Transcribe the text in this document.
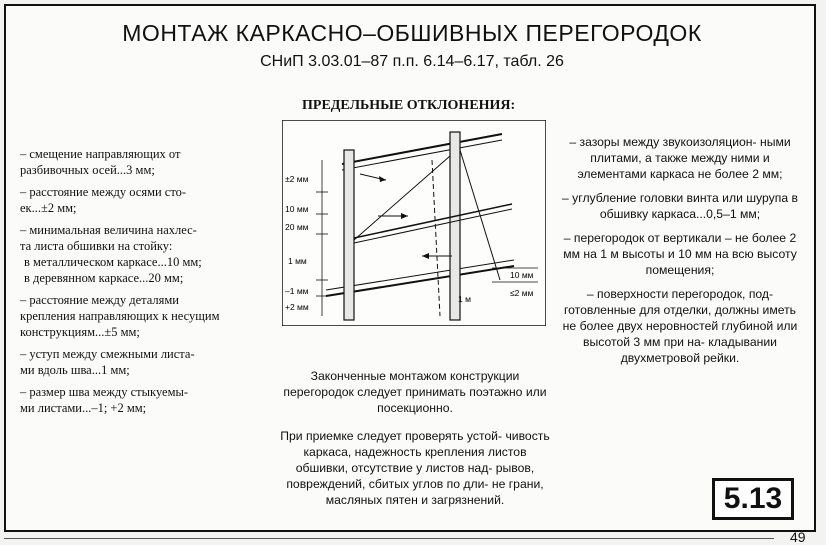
МОНТАЖ КАРКАСНО–ОБШИВНЫХ ПЕРЕГОРОДОК
СНиП 3.03.01–87 п.п. 6.14–6.17, табл. 26
ПРЕДЕЛЬНЫЕ ОТКЛОНЕНИЯ:
– смещение направляющих от
разбивочных осей...3 мм;
– расстояние между осями сто-
ек...±2 мм;
– минимальная величина нахлес-
та листа обшивки на стойку:
в металлическом каркасе...10 мм;
в деревянном каркасе...20 мм;
– расстояние между деталями
крепления направляющих к несущим
конструкциям...±5 мм;
– уступ между смежными листа-
ми вдоль шва...1 мм;
– размер шва между стыкуемы-
ми листами...–1; +2 мм;
±2 мм
10 мм
20 мм
1 мм
–1 мм
+2 мм
10 мм
≤2 мм
1 м

– зазоры между звукоизоляцион- ными плитами, а также между ними и элементами каркаса не более 2 мм;

– углубление головки винта или шурупа в обшивку каркаса...0,5–1 мм;

– перегородок от вертикали – не более 2 мм на 1 м высоты и 10 мм на всю высоту помещения;

– поверхности перегородок, под- готовленные для отделки, должны иметь не более двух неровностей глубиной или высотой 3 мм при на- кладывании двухметровой рейки.

Законченные монтажом конструкции перегородок следует принимать поэтажно или посекционно.

При приемке следует проверять устой- чивость каркаса, надежность крепления листов обшивки, отсутствие у листов над- рывов, повреждений, сбитых углов по дли- не грани, масляных пятен и загрязнений.	5.13
49
